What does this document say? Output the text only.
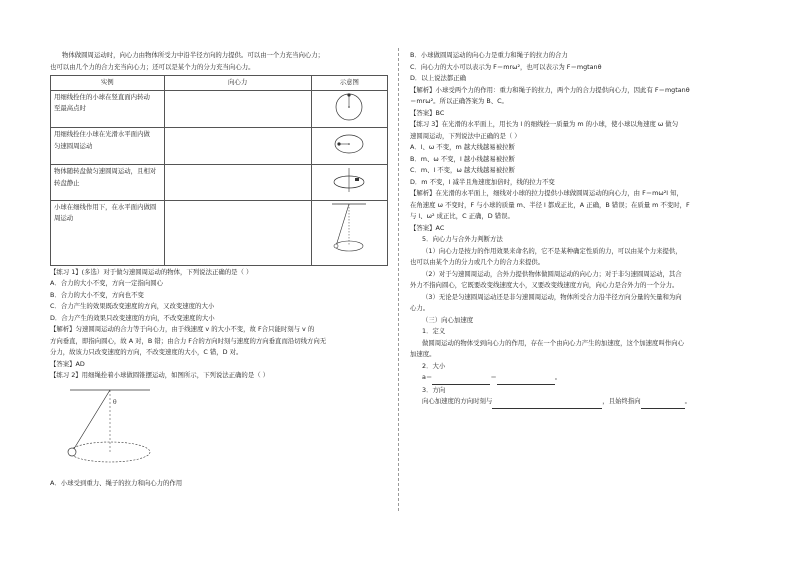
物体做圆周运动时，向心力由物体所受力中沿半径方向的力提供。可以由一个力充当向心力；

也可以由几个力的合力充当向心力；还可以是某个力的分力充当向心力。

实例	向心力	示意图
用细线拴住的小球在竖直面内转动
至最高点时		
用细线拴住小球在光滑水平面内做
匀速圆周运动		
物体随转盘做匀速圆周运动，且相对
转盘静止		
小球在细线作用下，在水平面内做圆
周运动		

【练习 1】(多选）对于做匀速圆周运动的物体，下列说法正确的是（ ）

A．合力的大小不变，方向一定指向圆心

B．合力的大小不变，方向也不变

C．合力产生的效果既改变速度的方向，又改变速度的大小

D．合力产生的效果只改变速度的方向，不改变速度的大小

【解析】匀速圆周运动的合力等于向心力，由于线速度 v 的大小不变，故 F合只能时刻与 v 的

方向垂直，即指向圆心，故 A 对，B 错；由合力 F合的方向时刻与速度的方向垂直而沿切线方向无

分力，故该力只改变速度的方向，不改变速度的大小，C 错，D 对。

【答案】AD

【练习 2】用细绳拴着小球做圆锥摆运动，如图所示，下列说法正确的是（ ）

θ

A．小球受到重力、绳子的拉力和向心力的作用

B．小球做圆周运动的向心力是重力和绳子的拉力的合力

C．向心力的大小可以表示为 F＝mrω²，也可以表示为 F＝mgtanθ

D．以上说法都正确

【解析】小球受两个力的作用：重力和绳子的拉力，两个力的合力提供向心力，因此有 F＝mgtanθ

＝mrω²。所以正确答案为 B、C。

【答案】BC

【练习 3】在光滑的水平面上，用长为 l 的细线拴一质量为 m 的小球，使小球以角速度 ω 做匀

速圆周运动，下列说法中正确的是（ ）

A．l、ω 不变，m 越大线越易被拉断

B．m、ω 不变，l 越小线越易被拉断

C．m、l 不变，ω 越大线越易被拉断

D．m 不变，l 减半且角速度加倍时，线的拉力不变

【解析】在光滑的水平面上，细线对小球的拉力提供小球做圆周运动的向心力，由 F＝mω²l 知，

在角速度 ω 不变时，F 与小球的质量 m、半径 l 都成正比，A 正确，B 错误；在质量 m 不变时，F

与 l、ω² 成正比，C 正确，D 错误。

【答案】AC

5．向心力与合外力判断方法

（1）向心力是按力的作用效果来命名的，它不是某种确定性质的力，可以由某个力来提供，

也可以由某个力的分力或几个力的合力来提供。

（2）对于匀速圆周运动，合外力提供物体做圆周运动的向心力；对于非匀速圆周运动，其合

外力不指向圆心，它既要改变线速度大小，又要改变线速度方向，向心力是合外力的一个分力。

（3）无论是匀速圆周运动还是非匀速圆周运动，物体所受合力沿半径方向分量的矢量和为向

心力。

（三）向心加速度

1．定义

做圆周运动的物体受到向心力的作用，存在一个由向心力产生的加速度，这个加速度叫作向心

加速度。

2．大小

a＝	＝	。

3．方向

向心加速度的方向时刻与	，且始终指向	。
